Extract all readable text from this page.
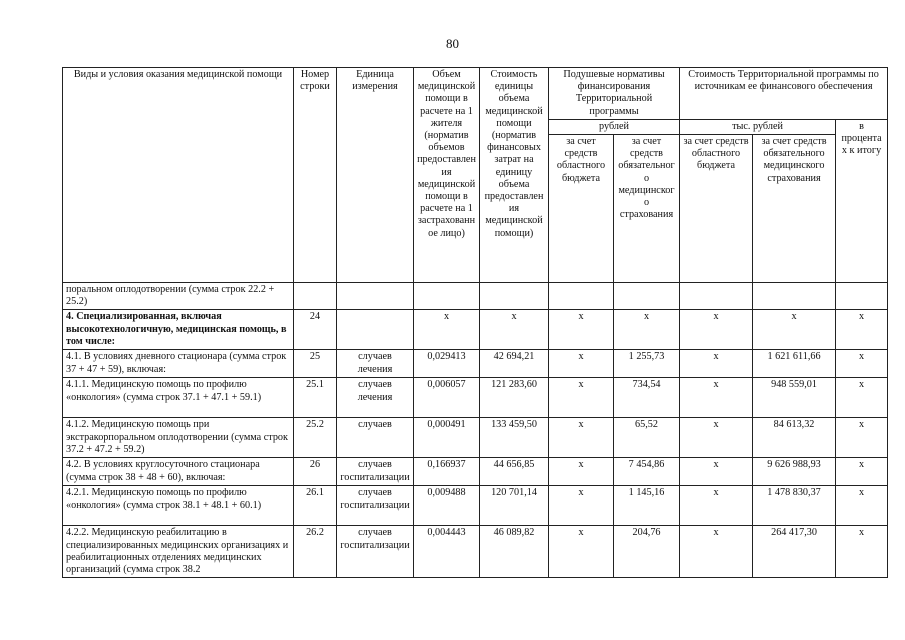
80
Виды и условия оказания медицинской помощи	Номер строки	Единица измерения	Объем медицинской помощи в расчете на 1 жителя (норматив объемов предоставления медицинской помощи в расчете на 1 застрахованное лицо)	Стоимость единицы объема медицинской помощи (норматив финансовых затрат на единицу объема предоставления медицинской помощи)	Подушевые нормативы финансирования Территориальной программы		Стоимость Территориальной программы по источникам ее финансового обеспечения		
					рублей		тыс. рублей		в процентах к итогу
					за счет средств областного бюджета	за счет средств обязательного медицинского страхования	за счет средств областного бюджета	за счет средств обязательного медицинского страхования	
поральном оплодотворении (сумма строк 22.2 + 25.2)									
4. Специализированная, включая высокотехнологичную, медицинская помощь, в том числе:	24		x	x	x	x	x	x	x
4.1. В условиях дневного стационара (сумма строк 37 + 47 + 59), включая:	25	случаев лечения	0,029413	42 694,21	x	1 255,73	x	1 621 611,66	x
4.1.1. Медицинскую помощь по профилю «онкология» (сумма строк 37.1 + 47.1 + 59.1)	25.1	случаев лечения	0,006057	121 283,60	x	734,54	x	948 559,01	x
4.1.2. Медицинскую помощь при экстракорпоральном оплодотворении (сумма строк 37.2 + 47.2 + 59.2)	25.2	случаев	0,000491	133 459,50	x	65,52	x	84 613,32	x
4.2. В условиях круглосуточного стационара (сумма строк 38 + 48 + 60), включая:	26	случаев госпитализации	0,166937	44 656,85	x	7 454,86	x	9 626 988,93	x
4.2.1. Медицинскую помощь по профилю «онкология» (сумма строк 38.1 + 48.1 + 60.1)	26.1	случаев госпитализации	0,009488	120 701,14	x	1 145,16	x	1 478 830,37	x
4.2.2. Медицинскую реабилитацию в специализированных медицинских организациях и реабилитационных отделениях медицинских организаций (сумма строк 38.2	26.2	случаев госпитализации	0,004443	46 089,82	x	204,76	x	264 417,30	x
